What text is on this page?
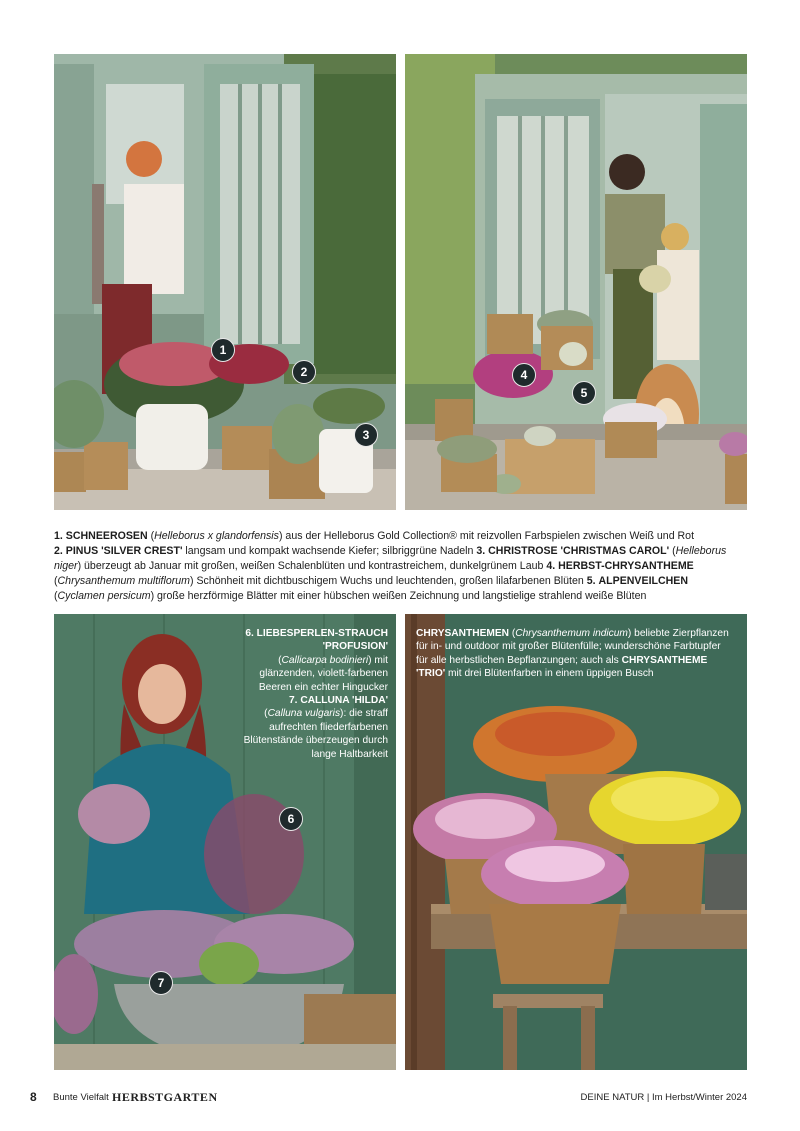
1
2
3
4
5
1. SCHNEEROSEN (Helleborus x glandorfensis) aus der Helleborus Gold Collection® mit reizvollen Farbspielen zwischen Weiß und Rot
2. PINUS 'SILVER CREST' langsam und kompakt wachsende Kiefer; silbriggrüne Nadeln 3. CHRISTROSE 'CHRISTMAS CAROL' (Helleborus niger) überzeugt ab Januar mit großen, weißen Schalenblüten und kontrastreichem, dunkelgrünem Laub 4. HERBST-CHRYSANTHEME
(Chrysanthemum multiflorum) Schönheit mit dichtbuschigem Wuchs und leuchtenden, großen lilafarbenen Blüten 5. ALPENVEILCHEN
(Cyclamen persicum) große herzförmige Blätter mit einer hübschen weißen Zeichnung und langstielige strahlend weiße Blüten
6
7
6. LIEBESPERLEN-STRAUCH 'PROFUSION'
(Callicarpa bodinieri) mit glänzenden, violett-farbenen Beeren ein echter Hingucker
7. CALLUNA 'HILDA'
(Calluna vulgaris): die straff aufrechten fliederfarbenen Blütenstände überzeugen durch lange Haltbarkeit
CHRYSANTHEMEN (Chrysanthemum indicum) beliebte Zierpflanzen für in- und outdoor mit großer Blütenfülle; wunderschöne Farbtupfer für alle herbstlichen Bepflanzungen; auch als CHRYSANTHEME 'TRIO' mit drei Blütenfarben in einem üppigen Busch
8 Bunte Vielfalt HERBSTGARTEN	DEINE NATUR | Im Herbst/Winter 2024
